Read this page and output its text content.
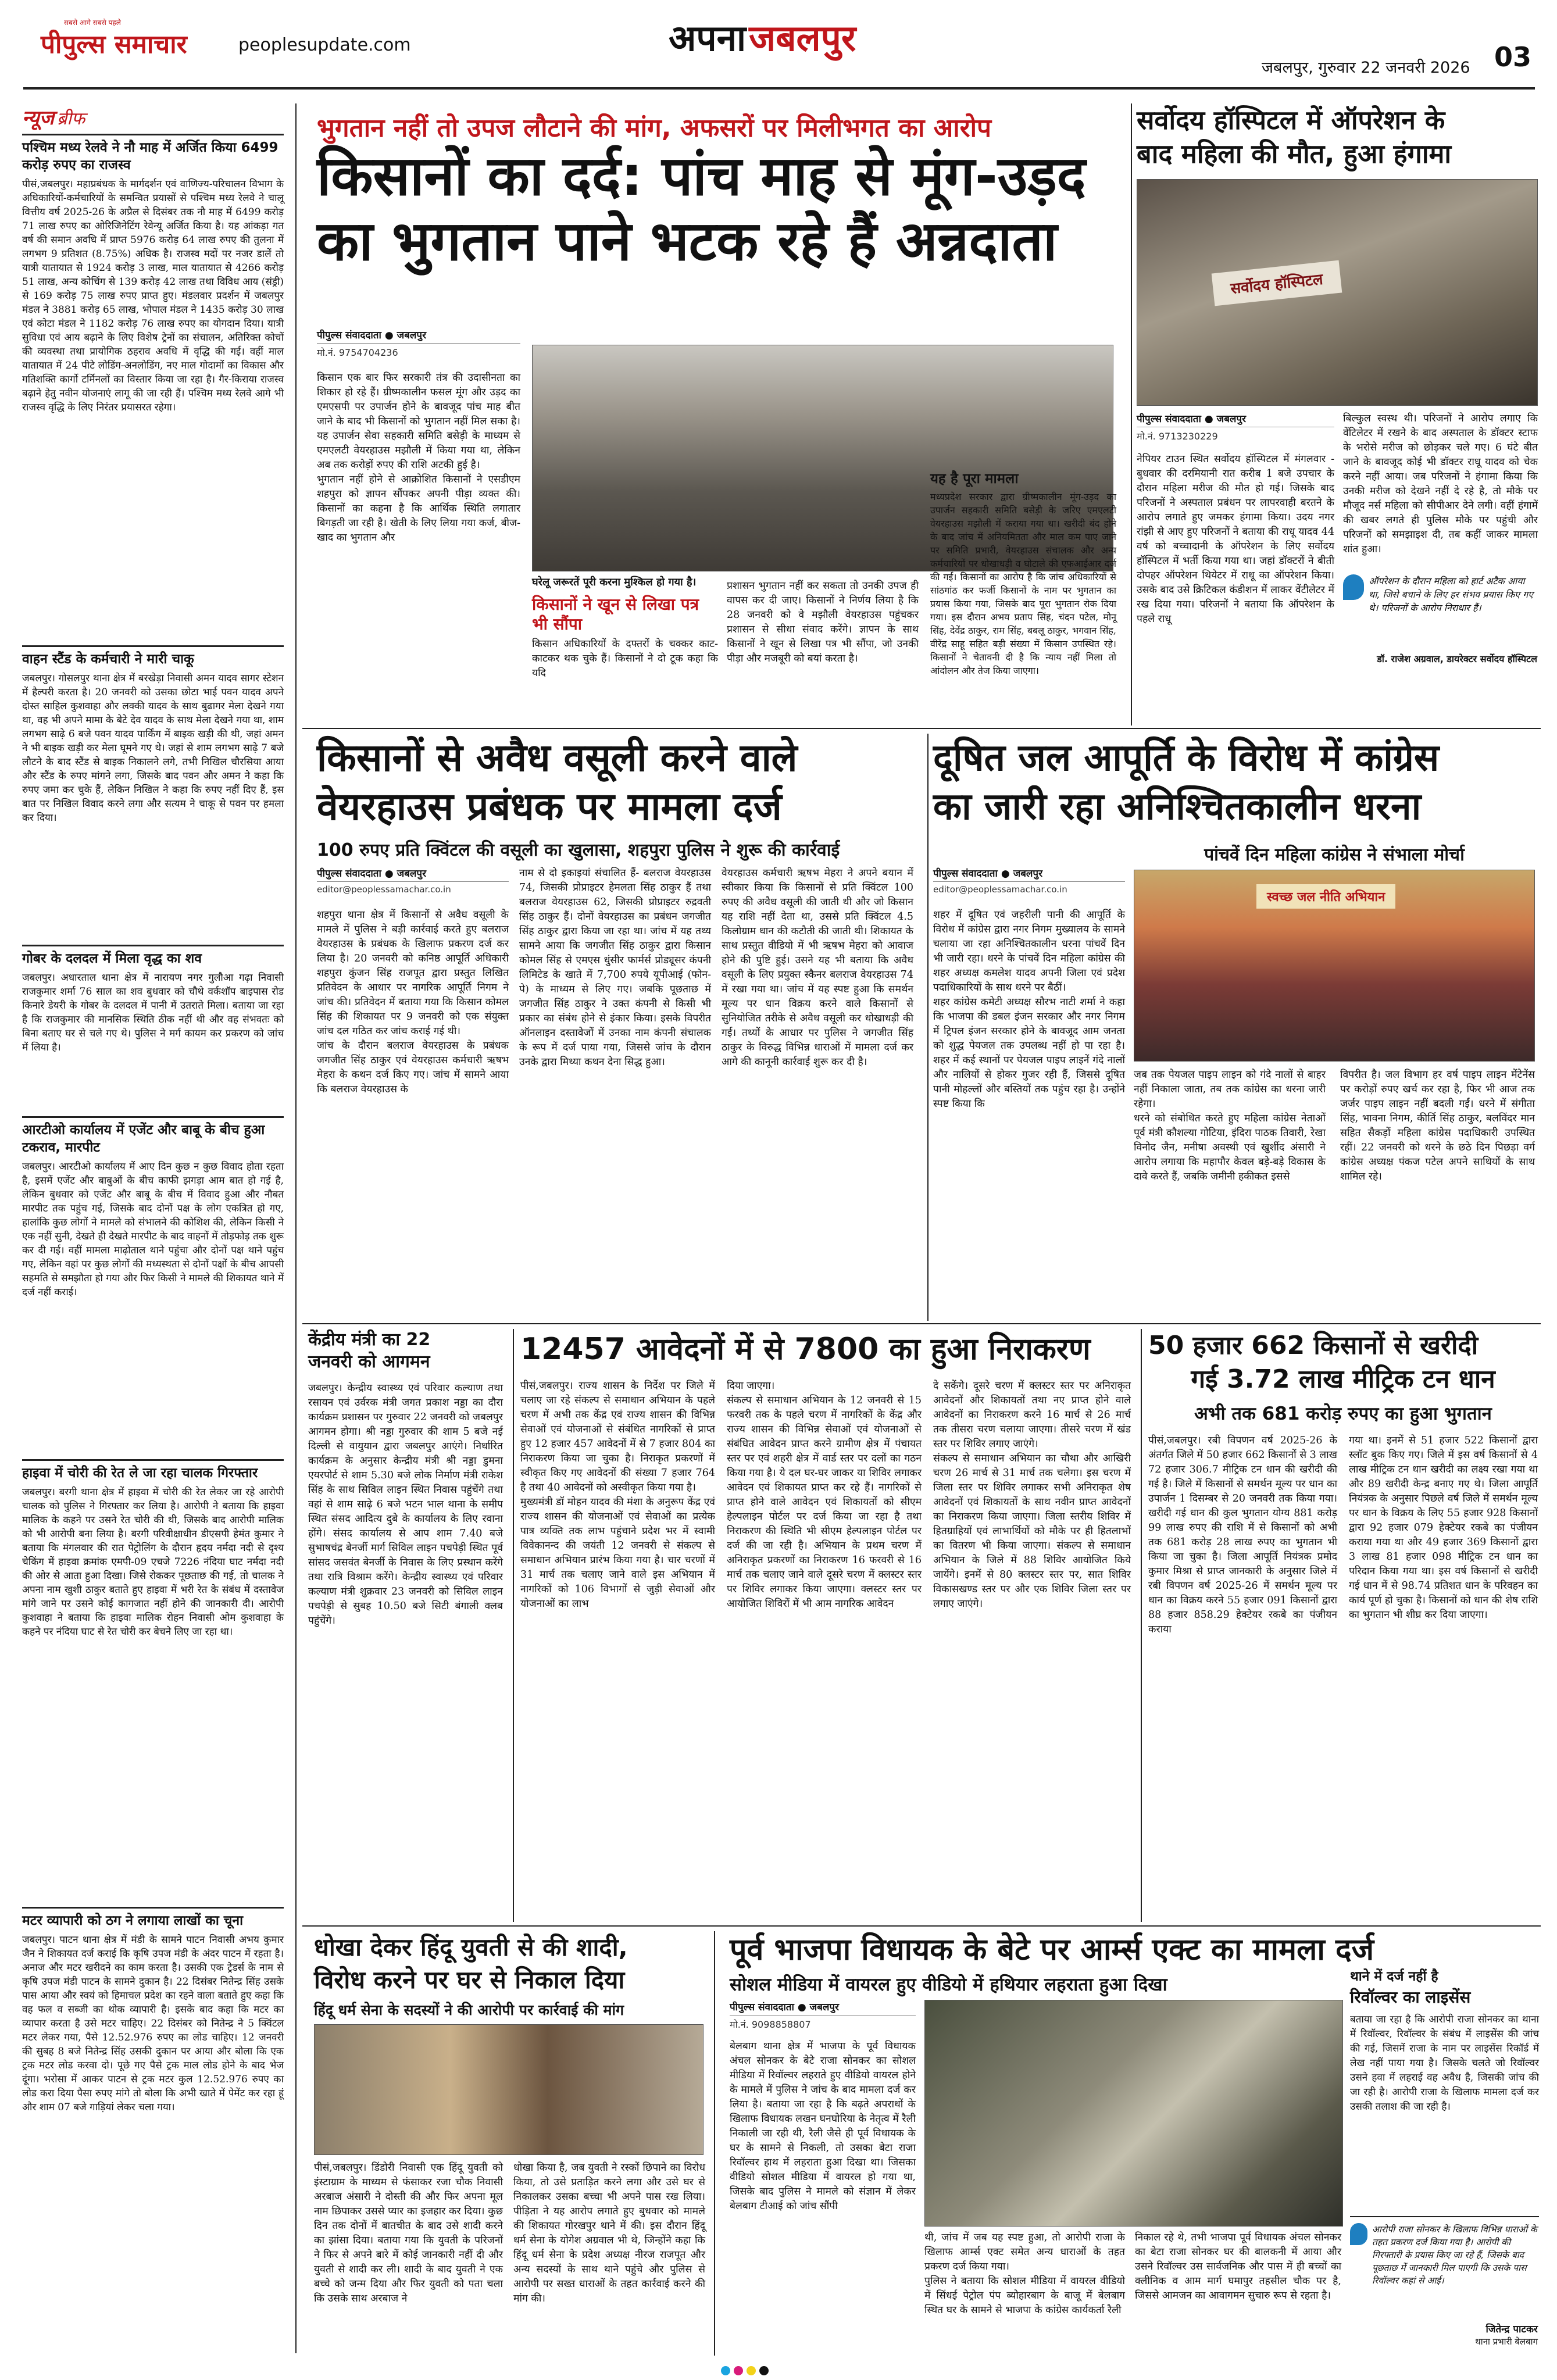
सबसे आगे सबसे पहले
पीपुल्स समाचार	peoplesupdate.com	अपना जबलपुर
जबलपुर, गुरुवार 22 जनवरी 2026 03
न्यूज ब्रीफ
पश्चिम मध्य रेलवे ने नौ माह में अर्जित किया 6499 करोड़ रुपए का राजस्व
पीसं,जबलपुर। महाप्रबंधक के मार्गदर्शन एवं वाणिज्य-परिचालन विभाग के अधिकारियों-कर्मचारियों के समन्वित प्रयासों से पश्चिम मध्य रेलवे ने चालू वित्तीय वर्ष 2025-26 के अप्रैल से दिसंबर तक नौ माह में 6499 करोड़ 71 लाख रुपए का ओरिजिनेटिंग रेवेन्यू अर्जित किया है। यह आंकड़ा गत वर्ष की समान अवधि में प्राप्त 5976 करोड़ 64 लाख रुपए की तुलना में लगभग 9 प्रतिशत (8.75%) अधिक है। राजस्व मदों पर नजर डालें तो यात्री यातायात से 1924 करोड़ 3 लाख, माल यातायात से 4266 करोड़ 51 लाख, अन्य कोचिंग से 139 करोड़ 42 लाख तथा विविध आय (संड्री) से 169 करोड़ 75 लाख रुपए प्राप्त हुए। मंडलवार प्रदर्शन में जबलपुर मंडल ने 3881 करोड़ 65 लाख, भोपाल मंडल ने 1435 करोड़ 30 लाख एवं कोटा मंडल ने 1182 करोड़ 76 लाख रुपए का योगदान दिया। यात्री सुविधा एवं आय बढ़ाने के लिए विशेष ट्रेनों का संचालन, अतिरिक्त कोचों की व्यवस्था तथा प्रायोगिक ठहराव अवधि में वृद्धि की गई। वहीं माल यातायात में 24 पीटे लोडिंग-अनलोडिंग, नए माल गोदामों का विकास और गतिशक्ति कार्गो टर्मिनलों का विस्तार किया जा रहा है। गैर-किराया राजस्व बढ़ाने हेतु नवीन योजनाएं लागू की जा रही हैं। पश्चिम मध्य रेलवे आगे भी राजस्व वृद्धि के लिए निरंतर प्रयासरत रहेगा।
वाहन स्टैंड के कर्मचारी ने मारी चाकू
जबलपुर। गोसलपुर थाना क्षेत्र में बरखेड़ा निवासी अमन यादव सागर स्टेशन में हैल्परी करता है। 20 जनवरी को उसका छोटा भाई पवन यादव अपने दोस्त साहिल कुशवाहा और लक्की यादव के साथ बुढागर मेला देखने गया था, वह भी अपने मामा के बेटे देव यादव के साथ मेला देखने गया था, शाम लगभग साढ़े 6 बजे पवन यादव पार्किंग में बाइक खड़ी की थी, जहां अमन ने भी बाइक खड़ी कर मेला घूमने गए थे। जहां से शाम लगभग साढ़े 7 बजे लौटने के बाद स्टैंड से बाइक निकालने लगे, तभी निखिल चौरसिया आया और स्टैंड के रुपए मांगने लगा, जिसके बाद पवन और अमन ने कहा कि रुपए जमा कर चुके हैं, लेकिन निखिल ने कहा कि रुपए नहीं दिए हैं, इस बात पर निखिल विवाद करने लगा और सत्यम ने चाकू से पवन पर हमला कर दिया।
गोबर के दलदल में मिला वृद्ध का शव
जबलपुर। अधारताल थाना क्षेत्र में नारायण नगर गुलौआ गढ़ा निवासी राजकुमार शर्मा 76 साल का शव बुधवार को चौथे वर्कशॉप बाइपास रोड किनारे डेयरी के गोबर के दलदल में पानी में उतराते मिला। बताया जा रहा है कि राजकुमार की मानसिक स्थिति ठीक नहीं थी और वह संभवतः को बिना बताए घर से चले गए थे। पुलिस ने मर्ग कायम कर प्रकरण को जांच में लिया है।
आरटीओ कार्यालय में एजेंट और बाबू के बीच हुआ टकराव, मारपीट
जबलपुर। आरटीओ कार्यालय में आए दिन कुछ न कुछ विवाद होता रहता है, इसमें एजेंट और बाबुओं के बीच काफी झगड़ा आम बात हो गई है, लेकिन बुधवार को एजेंट और बाबू के बीच में विवाद हुआ और नौबत मारपीट तक पहुंच गई, जिसके बाद दोनों पक्ष के लोग एकत्रित हो गए, हालांकि कुछ लोगों ने मामले को संभालने की कोशिश की, लेकिन किसी ने एक नहीं सुनी, देखते ही देखते मारपीट के बाद वाहनों में तोड़फोड़ तक शुरू कर दी गई। वहीं मामला माढ़ोताल थाने पहुंचा और दोनों पक्ष थाने पहुंच गए, लेकिन वहां पर कुछ लोगों की मध्यस्थता से दोनों पक्षों के बीच आपसी सहमति से समझौता हो गया और फिर किसी ने मामले की शिकायत थाने में दर्ज नहीं कराई।
हाइवा में चोरी की रेत ले जा रहा चालक गिरफ्तार
जबलपुर। बरगी थाना क्षेत्र में हाइवा में चोरी की रेत लेकर जा रहे आरोपी चालक को पुलिस ने गिरफ्तार कर लिया है। आरोपी ने बताया कि हाइवा मालिक के कहने पर उसने रेत चोरी की थी, जिसके बाद आरोपी मालिक को भी आरोपी बना लिया है। बरगी परिवीक्षाधीन डीएसपी हेमंत कुमार ने बताया कि मंगलवार की रात पेट्रोलिंग के दौरान हृदय नर्मदा नदी से दृश्य चेकिंग में हाइवा क्रमांक एमपी-09 एचजे 7226 नंदिया घाट नर्मदा नदी की ओर से आता हुआ दिखा। जिसे रोककर पूछताछ की गई, तो चालक ने अपना नाम खुशी ठाकुर बताते हुए हाइवा में भरी रेत के संबंध में दस्तावेज मांगे जाने पर उसने कोई कागजात नहीं होने की जानकारी दी। आरोपी कुशवाहा ने बताया कि हाइवा मालिक रोहन निवासी ओम कुशवाहा के कहने पर नंदिया घाट से रेत चोरी कर बेचने लिए जा रहा था।
मटर व्यापारी को ठग ने लगाया लाखों का चूना
जबलपुर। पाटन थाना क्षेत्र में मंडी के सामने पाटन निवासी अभय कुमार जैन ने शिकायत दर्ज कराई कि कृषि उपज मंडी के अंदर पाटन में रहता है। अनाज और मटर खरीदने का काम करता है। उसकी एक ट्रेडर्स के नाम से कृषि उपज मंडी पाटन के सामने दुकान है। 22 दिसंबर नितेन्द्र सिंह उसके पास आया और स्वयं को हिमाचल प्रदेश का रहने वाला बताते हुए कहा कि वह फल व सब्जी का थोक व्यापारी है। इसके बाद कहा कि मटर का व्यापार करता है उसे मटर चाहिए। 22 दिसंबर को नितेन्द्र ने 5 क्विंटल मटर लेकर गया, पैसे 12.52.976 रुपए का लोड चाहिए। 12 जनवरी की सुबह 8 बजे नितेन्द्र सिंह उसकी दुकान पर आया और बोला कि एक ट्रक मटर लोड करवा दो। पूछे गए पैसे ट्रक माल लोड होने के बाद भेज दूंगा। भरोसा में आकर पाटन से ट्रक मटर कुल 12.52.976 रुपए का लोड करा दिया पैसा रुपए मांगे तो बोला कि अभी खाते में पेमेंट कर रहा हूं और शाम 07 बजे गाड़ियां लेकर चला गया।
भुगतान नहीं तो उपज लौटाने की मांग, अफसरों पर मिलीभगत का आरोप
किसानों का दर्द: पांच माह से मूंग-उड़द
का भुगतान पाने भटक रहे हैं अन्नदाता
पीपुल्स संवाददाता ● जबलपुर
मो.नं. 9754704236
किसान एक बार फिर सरकारी तंत्र की उदासीनता का शिकार हो रहे हैं। ग्रीष्मकालीन फसल मूंग और उड़द का एमएसपी पर उपार्जन होने के बावजूद पांच माह बीत जाने के बाद भी किसानों को भुगतान नहीं मिल सका है। यह उपार्जन सेवा सहकारी समिति बसेड़ी के माध्यम से एमएलटी वेयरहाउस मझौली में किया गया था, लेकिन अब तक करोड़ों रुपए की राशि अटकी हुई है।
भुगतान नहीं होने से आक्रोशित किसानों ने एसडीएम शहपुरा को ज्ञापन सौंपकर अपनी पीड़ा व्यक्त की। किसानों का कहना है कि आर्थिक स्थिति लगातार बिगड़ती जा रही है। खेती के लिए लिया गया कर्ज, बीज-खाद का भुगतान और
घरेलू जरूरतें पूरी करना मुश्किल हो गया है।
किसानों ने खून से लिखा पत्र भी सौंपा
किसान अधिकारियों के दफ्तरों के चक्कर काट-काटकर थक चुके हैं। किसानों ने दो टूक कहा कि यदि
प्रशासन भुगतान नहीं कर सकता तो उनकी उपज ही वापस कर दी जाए। किसानों ने निर्णय लिया है कि 28 जनवरी को वे मझौली वेयरहाउस पहुंचकर प्रशासन से सीधा संवाद करेंगे। ज्ञापन के साथ किसानों ने खून से लिखा पत्र भी सौंपा, जो उनकी पीड़ा और मजबूरी को बयां करता है।
यह है पूरा मामला
मध्यप्रदेश सरकार द्वारा ग्रीष्मकालीन मूंग-उड़द का उपार्जन सहकारी समिति बसेड़ी के जरिए एमएलटी वेयरहाउस मझौली में कराया गया था। खरीदी बंद होने के बाद जांच में अनियमितता और माल कम पाए जाने पर समिति प्रभारी, वेयरहाउस संचालक और अन्य कर्मचारियों पर धोखाधड़ी व घोटाले की एफआईआर दर्ज की गई। किसानों का आरोप है कि जांच अधिकारियों से सांठगांठ कर फर्जी किसानों के नाम पर भुगतान का प्रयास किया गया, जिसके बाद पूरा भुगतान रोक दिया गया। इस दौरान अभय प्रताप सिंह, चंदन पटेल, मोनू सिंह, देवेंद्र ठाकुर, राम सिंह, बबलू ठाकुर, भगवान सिंह, वीरेंद्र साहू सहित बड़ी संख्या में किसान उपस्थित रहे। किसानों ने चेतावनी दी है कि न्याय नहीं मिला तो आंदोलन और तेज किया जाएगा।
सर्वोदय हॉस्पिटल में ऑपरेशन के
बाद महिला की मौत, हुआ हंगामा
सर्वोदय हॉस्पिटल
पीपुल्स संवाददाता ● जबलपुर
मो.नं. 9713230229
नेपियर टाउन स्थित सर्वोदय हॉस्पिटल में मंगलवार - बुधवार की दरमियानी रात करीब 1 बजे उपचार के दौरान महिला मरीज की मौत हो गई। जिसके बाद परिजनों ने अस्पताल प्रबंधन पर लापरवाही बरतने के आरोप लगाते हुए जमकर हंगामा किया। उदय नगर रांझी से आए हुए परिजनों ने बताया की राधू यादव 44 वर्ष को बच्चादानी के ऑपरेशन के लिए सर्वोदय हॉस्पिटल में भर्ती किया गया था। जहां डॉक्टरों ने बीती दोपहर ऑपरेशन थियेटर में राधू का ऑपरेशन किया। उसके बाद उसे क्रिटिकल कंडीशन में लाकर वेंटीलेटर में रख दिया गया। परिजनों ने बताया कि ऑपरेशन के पहले राधू
बिल्कुल स्वस्थ थी। परिजनों ने आरोप लगाए कि वेंटिलेटर में रखने के बाद अस्पताल के डॉक्टर स्टाफ के भरोसे मरीज को छोड़कर चले गए। 6 घंटे बीत जाने के बावजूद कोई भी डॉक्टर राधू यादव को चेक करने नहीं आया। जब परिजनों ने हंगामा किया कि उनकी मरीज को देखने नहीं दे रहे है, तो मौके पर मौजूद नर्स महिला को सीपीआर देने लगी। वहीं हंगामें की खबर लगते ही पुलिस मौके पर पहुंची और परिजनों को समझाइश दी, तब कहीं जाकर मामला शांत हुआ।
ऑपरेशन के दौरान महिला को हार्ट अटैक आया था, जिसे बचाने के लिए हर संभव प्रयास किए गए थे। परिजनों के आरोप निराधार हैं।
डॉ. राजेश अग्रवाल, डायरेक्टर सर्वोदय हॉस्पिटल
किसानों से अवैध वसूली करने वाले
वेयरहाउस प्रबंधक पर मामला दर्ज
100 रुपए प्रति क्विंटल की वसूली का खुलासा, शहपुरा पुलिस ने शुरू की कार्रवाई
पीपुल्स संवाददाता ● जबलपुर
editor@peoplessamachar.co.in
शहपुरा थाना क्षेत्र में किसानों से अवैध वसूली के मामले में पुलिस ने बड़ी कार्रवाई करते हुए बलराज वेयरहाउस के प्रबंधक के खिलाफ प्रकरण दर्ज कर लिया है। 20 जनवरी को कनिष्ठ आपूर्ति अधिकारी शहपुरा कुंजन सिंह राजपूत द्वारा प्रस्तुत लिखित प्रतिवेदन के आधार पर नागरिक आपूर्ति निगम ने जांच की। प्रतिवेदन में बताया गया कि किसान कोमल सिंह की शिकायत पर 9 जनवरी को एक संयुक्त जांच दल गठित कर जांच कराई गई थी।
जांच के दौरान बलराज वेयरहाउस के प्रबंधक जगजीत सिंह ठाकुर एवं वेयरहाउस कर्मचारी ऋषभ मेहरा के कथन दर्ज किए गए। जांच में सामने आया कि बलराज वेयरहाउस के
नाम से दो इकाइयां संचालित हैं- बलराज वेयरहाउस 74, जिसकी प्रोप्राइटर हेमलता सिंह ठाकुर हैं तथा बलराज वेयरहाउस 62, जिसकी प्रोप्राइटर रुद्रवती सिंह ठाकुर हैं। दोनों वेयरहाउस का प्रबंधन जगजीत सिंह ठाकुर द्वारा किया जा रहा था। जांच में यह तथ्य सामने आया कि जगजीत सिंह ठाकुर द्वारा किसान कोमल सिंह से एमएस धुंसीर फार्मर्स प्रोड्यूसर कंपनी लिमिटेड के खाते में 7,700 रुपये यूपीआई (फोन-पे) के माध्यम से लिए गए। जबकि पूछताछ में जगजीत सिंह ठाकुर ने उक्त कंपनी से किसी भी प्रकार का संबंध होने से इंकार किया। इसके विपरीत ऑनलाइन दस्तावेजों में उनका नाम कंपनी संचालक के रूप में दर्ज पाया गया, जिससे जांच के दौरान उनके द्वारा मिथ्या कथन देना सिद्ध हुआ।
वेयरहाउस कर्मचारी ऋषभ मेहरा ने अपने बयान में स्वीकार किया कि किसानों से प्रति क्विंटल 100 रुपए की अवैध वसूली की जाती थी और जो किसान यह राशि नहीं देता था, उससे प्रति क्विंटल 4.5 किलोग्राम धान की कटौती की जाती थी। शिकायत के साथ प्रस्तुत वीडियो में भी ऋषभ मेहरा को आवाज होने की पुष्टि हुई। उसने यह भी बताया कि अवैध वसूली के लिए प्रयुक्त स्कैनर बलराज वेयरहाउस 74 में रखा गया था। जांच में यह स्पष्ट हुआ कि समर्थन मूल्य पर धान विक्रय करने वाले किसानों से सुनियोजित तरीके से अवैध वसूली कर धोखाधड़ी की गई। तथ्यों के आधार पर पुलिस ने जगजीत सिंह ठाकुर के विरुद्ध विभिन्न धाराओं में मामला दर्ज कर आगे की कानूनी कार्रवाई शुरू कर दी है।
दूषित जल आपूर्ति के विरोध में कांग्रेस
का जारी रहा अनिश्चितकालीन धरना
पीपुल्स संवाददाता ● जबलपुर
editor@peoplessamachar.co.in
पांचवें दिन महिला कांग्रेस ने संभाला मोर्चा
शहर में दूषित एवं जहरीली पानी की आपूर्ति के विरोध में कांग्रेस द्वारा नगर निगम मुख्यालय के सामने चलाया जा रहा अनिश्चितकालीन धरना पांचवें दिन भी जारी रहा। धरने के पांचवें दिन महिला कांग्रेस की शहर अध्यक्ष कमलेश यादव अपनी जिला एवं प्रदेश पदाधिकारियों के साथ धरने पर बैठीं।
शहर कांग्रेस कमेटी अध्यक्ष सौरभ नाटी शर्मा ने कहा कि भाजपा की डबल इंजन सरकार और नगर निगम में ट्रिपल इंजन सरकार होने के बावजूद आम जनता को शुद्ध पेयजल तक उपलब्ध नहीं हो पा रहा है। शहर में कई स्थानों पर पेयजल पाइप लाइनें गंदे नालों और नालियों से होकर गुजर रही हैं, जिससे दूषित पानी मोहल्लों और बस्तियों तक पहुंच रहा है। उन्होंने स्पष्ट किया कि
स्वच्छ जल नीति अभियान
जब तक पेयजल पाइप लाइन को गंदे नालों से बाहर नहीं निकाला जाता, तब तक कांग्रेस का धरना जारी रहेगा।
धरने को संबोधित करते हुए महिला कांग्रेस नेताओं पूर्व मंत्री कौशल्या गोटिया, इंदिरा पाठक तिवारी, रेखा विनोद जैन, मनीषा अवस्थी एवं खुर्शीद अंसारी ने आरोप लगाया कि महापौर केवल बड़े-बड़े विकास के दावे करते हैं, जबकि जमीनी हकीकत इससे
विपरीत है। जल विभाग हर वर्ष पाइप लाइन मेंटेनेंस पर करोड़ों रुपए खर्च कर रहा है, फिर भी आज तक जर्जर पाइप लाइन नहीं बदली गईं। धरने में संगीता सिंह, भावना निगम, कीर्ति सिंह ठाकुर, बलविंदर मान सहित सैकड़ों महिला कांग्रेस पदाधिकारी उपस्थित रहीं। 22 जनवरी को धरने के छठे दिन पिछड़ा वर्ग कांग्रेस अध्यक्ष पंकज पटेल अपने साथियों के साथ शामिल रहे।
केंद्रीय मंत्री का 22
जनवरी को आगमन
जबलपुर। केन्द्रीय स्वास्थ्य एवं परिवार कल्याण तथा रसायन एवं उर्वरक मंत्री जगत प्रकाश नड्डा का दौरा कार्यक्रम प्रशासन पर गुरुवार 22 जनवरी को जबलपुर आगमन होगा। श्री नड्डा गुरुवार की शाम 5 बजे नई दिल्ली से वायुयान द्वारा जबलपुर आएंगे। निर्धारित कार्यक्रम के अनुसार केन्द्रीय मंत्री श्री नड्डा डुमना एयरपोर्ट से शाम 5.30 बजे लोक निर्माण मंत्री राकेश सिंह के साथ सिविल लाइन स्थित निवास पहुंचेंगे तथा वहां से शाम साढ़े 6 बजे भटन भाल थाना के समीप स्थित संसद आदित्य दुबे के कार्यालय के लिए रवाना होंगे। संसद कार्यालय से आप शाम 7.40 बजे सुभाषचंद्र बेनर्जी मार्ग सिविल लाइन पचपेड़ी स्थित पूर्व सांसद जसवंत बेनर्जी के निवास के लिए प्रस्थान करेंगे तथा रात्रि विश्राम करेंगे। केन्द्रीय स्वास्थ्य एवं परिवार कल्याण मंत्री शुक्रवार 23 जनवरी को सिविल लाइन पचपेड़ी से सुबह 10.50 बजे सिटी बंगाली क्लब पहुंचेंगे।
12457 आवेदनों में से 7800 का हुआ निराकरण
पीसं,जबलपुर। राज्य शासन के निर्देश पर जिले में चलाए जा रहे संकल्प से समाधान अभियान के पहले चरण में अभी तक केंद्र एवं राज्य शासन की विभिन्न सेवाओं एवं योजनाओं से संबंधित नागरिकों से प्राप्त हुए 12 हजार 457 आवेदनों में से 7 हजार 804 का निराकरण किया जा चुका है। निराकृत प्रकरणों में स्वीकृत किए गए आवेदनों की संख्या 7 हजार 764 है तथा 40 आवेदनों को अस्वीकृत किया गया है।
मुख्यमंत्री डॉ मोहन यादव की मंशा के अनुरूप केंद्र एवं राज्य शासन की योजनाओं एवं सेवाओं का प्रत्येक पात्र व्यक्ति तक लाभ पहुंचाने प्रदेश भर में स्वामी विवेकानन्द की जयंती 12 जनवरी से संकल्प से समाधान अभियान प्रारंभ किया गया है। चार चरणों में 31 मार्च तक चलाए जाने वाले इस अभियान में नागरिकों को 106 विभागों से जुड़ी सेवाओं और योजनाओं का लाभ
दिया जाएगा।
संकल्प से समाधान अभियान के 12 जनवरी से 15 फरवरी तक के पहले चरण में नागरिकों के केंद्र और राज्य शासन की विभिन्न सेवाओं एवं योजनाओं से संबंधित आवेदन प्राप्त करने ग्रामीण क्षेत्र में पंचायत स्तर पर एवं शहरी क्षेत्र में वार्ड स्तर पर दलों का गठन किया गया है। ये दल घर-घर जाकर या शिविर लगाकर आवेदन एवं शिकायत प्राप्त कर रहे हैं। नागरिकों से प्राप्त होने वाले आवेदन एवं शिकायतों को सीएम हेल्पलाइन पोर्टल पर दर्ज किया जा रहा है तथा निराकरण की स्थिति भी सीएम हेल्पलाइन पोर्टल पर दर्ज की जा रही है। अभियान के प्रथम चरण में अनिराकृत प्रकरणों का निराकरण 16 फरवरी से 16 मार्च तक चलाए जाने वाले दूसरे चरण में क्लस्टर स्तर पर शिविर लगाकर किया जाएगा। क्लस्टर स्तर पर आयोजित शिविरों में भी आम नागरिक आवेदन
दे सकेंगे। दूसरे चरण में क्लस्टर स्तर पर अनिराकृत आवेदनों और शिकायतों तथा नए प्राप्त होने वाले आवेदनों का निराकरण करने 16 मार्च से 26 मार्च तक तीसरा चरण चलाया जाएगा। तीसरे चरण में खंड स्तर पर शिविर लगाए जाएंगे।
संकल्प से समाधान अभियान का चौथा और आखिरी चरण 26 मार्च से 31 मार्च तक चलेगा। इस चरण में जिला स्तर पर शिविर लगाकर सभी अनिराकृत शेष आवेदनों एवं शिकायतों के साथ नवीन प्राप्त आवेदनों का निराकरण किया जाएगा। जिला स्तरीय शिविर में हितग्राहियों एवं लाभार्थियों को मौके पर ही हितलाभों का वितरण भी किया जाएगा। संकल्प से समाधान अभियान के जिले में 88 शिविर आयोजित किये जायेंगे। इनमें से 80 क्लस्टर स्तर पर, सात शिविर विकासखण्ड स्तर पर और एक शिविर जिला स्तर पर लगाए जाएंगे।
50 हजार 662 किसानों से खरीदी
गई 3.72 लाख मीट्रिक टन धान
अभी तक 681 करोड़ रुपए का हुआ भुगतान
पीसं,जबलपुर। रबी विपणन वर्ष 2025-26 के अंतर्गत जिले में 50 हजार 662 किसानों से 3 लाख 72 हजार 306.7 मीट्रिक टन धान की खरीदी की गई है। जिले में किसानों से समर्थन मूल्य पर धान का उपार्जन 1 दिसम्बर से 20 जनवरी तक किया गया। खरीदी गई धान की कुल भुगतान योग्य 881 करोड़ 99 लाख रुपए की राशि में से किसानों को अभी तक 681 करोड़ 28 लाख रुपए का भुगतान भी किया जा चुका है। जिला आपूर्ति नियंत्रक प्रमोद कुमार मिश्रा से प्राप्त जानकारी के अनुसार जिले में रबी विपणन वर्ष 2025-26 में समर्थन मूल्य पर धान का विक्रय करने 55 हजार 091 किसानों द्वारा 88 हजार 858.29 हेक्टेयर रकबे का पंजीयन कराया
गया था। इनमें से 51 हजार 522 किसानों द्वारा स्लॉट बुक किए गए। जिले में इस वर्ष किसानों से 4 लाख मीट्रिक टन धान खरीदी का लक्ष्य रखा गया था और 89 खरीदी केन्द्र बनाए गए थे। जिला आपूर्ति नियंत्रक के अनुसार पिछले वर्ष जिले में समर्थन मूल्य पर धान के विक्रय के लिए 55 हजार 928 किसानों द्वारा 92 हजार 079 हेक्टेयर रकबे का पंजीयन कराया गया था और 49 हजार 369 किसानों द्वारा 3 लाख 81 हजार 098 मीट्रिक टन धान का परिदान किया गया था। इस वर्ष किसानों से खरीदी गई धान में से 98.74 प्रतिशत धान के परिवहन का कार्य पूर्ण हो चुका है। किसानों को धान की शेष राशि का भुगतान भी शीघ्र कर दिया जाएगा।
धोखा देकर हिंदू युवती से की शादी,
विरोध करने पर घर से निकाल दिया
हिंदू धर्म सेना के सदस्यों ने की आरोपी पर कार्रवाई की मांग
पीसं,जबलपुर। डिंडोरी निवासी एक हिंदू युवती को इंस्टाग्राम के माध्यम से फंसाकर रजा चौक निवासी अरबाज अंसारी ने दोस्ती की और फिर अपना मूल नाम छिपाकर उससे प्यार का इजहार कर दिया। कुछ दिन तक दोनों में बातचीत के बाद उसे शादी करने का झांसा दिया। बताया गया कि युवती के परिजनों ने फिर से अपने बारे में कोई जानकारी नहीं दी और युवती से शादी कर ली। शादी के बाद युवती ने एक बच्चे को जन्म दिया और फिर युवती को पता चला कि उसके साथ अरबाज ने
धोखा किया है, जब युवती ने रस्कों छिपाने का विरोध किया, तो उसे प्रताड़ित करने लगा और उसे घर से निकालकर उसका बच्चा भी अपने पास रख लिया। पीड़िता ने यह आरोप लगाते हुए बुधवार को मामले की शिकायत गोरखपुर थाने में की। इस दौरान हिंदू धर्म सेना के योगेश अग्रवाल भी थे, जिन्होंने कहा कि हिंदू धर्म सेना के प्रदेश अध्यक्ष नीरज राजपूत और अन्य सदस्यों के साथ थाने पहुंचे और पुलिस से आरोपी पर सख्त धाराओं के तहत कार्रवाई करने की मांग की।
पूर्व भाजपा विधायक के बेटे पर आर्म्स एक्ट का मामला दर्ज
सोशल मीडिया में वायरल हुए वीडियो में हथियार लहराता हुआ दिखा
पीपुल्स संवाददाता ● जबलपुर
मो.नं. 9098858807
बेलबाग थाना क्षेत्र में भाजपा के पूर्व विधायक अंचल सोनकर के बेटे राजा सोनकर का सोशल मीडिया में रिवॉल्वर लहराते हुए वीडियो वायरल होने के मामले में पुलिस ने जांच के बाद मामला दर्ज कर लिया है। बताया जा रहा है कि बढ़ते अपराधों के खिलाफ विधायक लखन घनघोरिया के नेतृत्व में रैली निकाली जा रही थी, रैली जैसे ही पूर्व विधायक के घर के सामने से निकली, तो उसका बेटा राजा रिवॉल्वर हाथ में लहराता हुआ दिखा था। जिसका वीडियो सोशल मीडिया में वायरल हो गया था, जिसके बाद पुलिस ने मामले को संज्ञान में लेकर बेलबाग टीआई को जांच सौंपी
थी, जांच में जब यह स्पष्ट हुआ, तो आरोपी राजा के खिलाफ आर्म्स एक्ट समेत अन्य धाराओं के तहत प्रकरण दर्ज किया गया।
पुलिस ने बताया कि सोशल मीडिया में वायरल वीडियो में सिंधई पेट्रोल पंप ब्योहारबाग के बाजू में बेलबाग स्थित घर के सामने से भाजपा के कांग्रेस कार्यकर्ता रैली
निकाल रहे थे, तभी भाजपा पूर्व विधायक अंचल सोनकर का बेटा राजा सोनकर घर की बालकनी में आया और उसने रिवॉल्वर उस सार्वजनिक और पास में ही बच्चों का क्लीनिक व आम मार्ग घमापुर तहसील चौक पर है, जिससे आमजन का आवागमन सुचारु रूप से रहता है।
थाने में दर्ज नहीं है
रिवॉल्वर का लाइसेंस
बताया जा रहा है कि आरोपी राजा सोनकर का थाना में रिवॉल्वर, रिवॉल्वर के संबंध में लाइसेंस की जांच की गई, जिसमें राजा के नाम पर लाइसेंस रिकॉर्ड में लेख नहीं पाया गया है। जिसके चलते जो रिवॉल्वर उसने हवा में लहराई वह अवैध है, जिसकी जांच की जा रही है। आरोपी राजा के खिलाफ मामला दर्ज कर उसकी तलाश की जा रही है।
आरोपी राजा सोनकर के खिलाफ विभिन्न धाराओं के तहत प्रकरण दर्ज किया गया है। आरोपी की गिरफ्तारी के प्रयास किए जा रहे हैं, जिसके बाद पूछताछ में जानकारी मिल पाएगी कि उसके पास रिवॉल्वर कहां से आई।
जितेन्द्र पाटकर
थाना प्रभारी बेलबाग
